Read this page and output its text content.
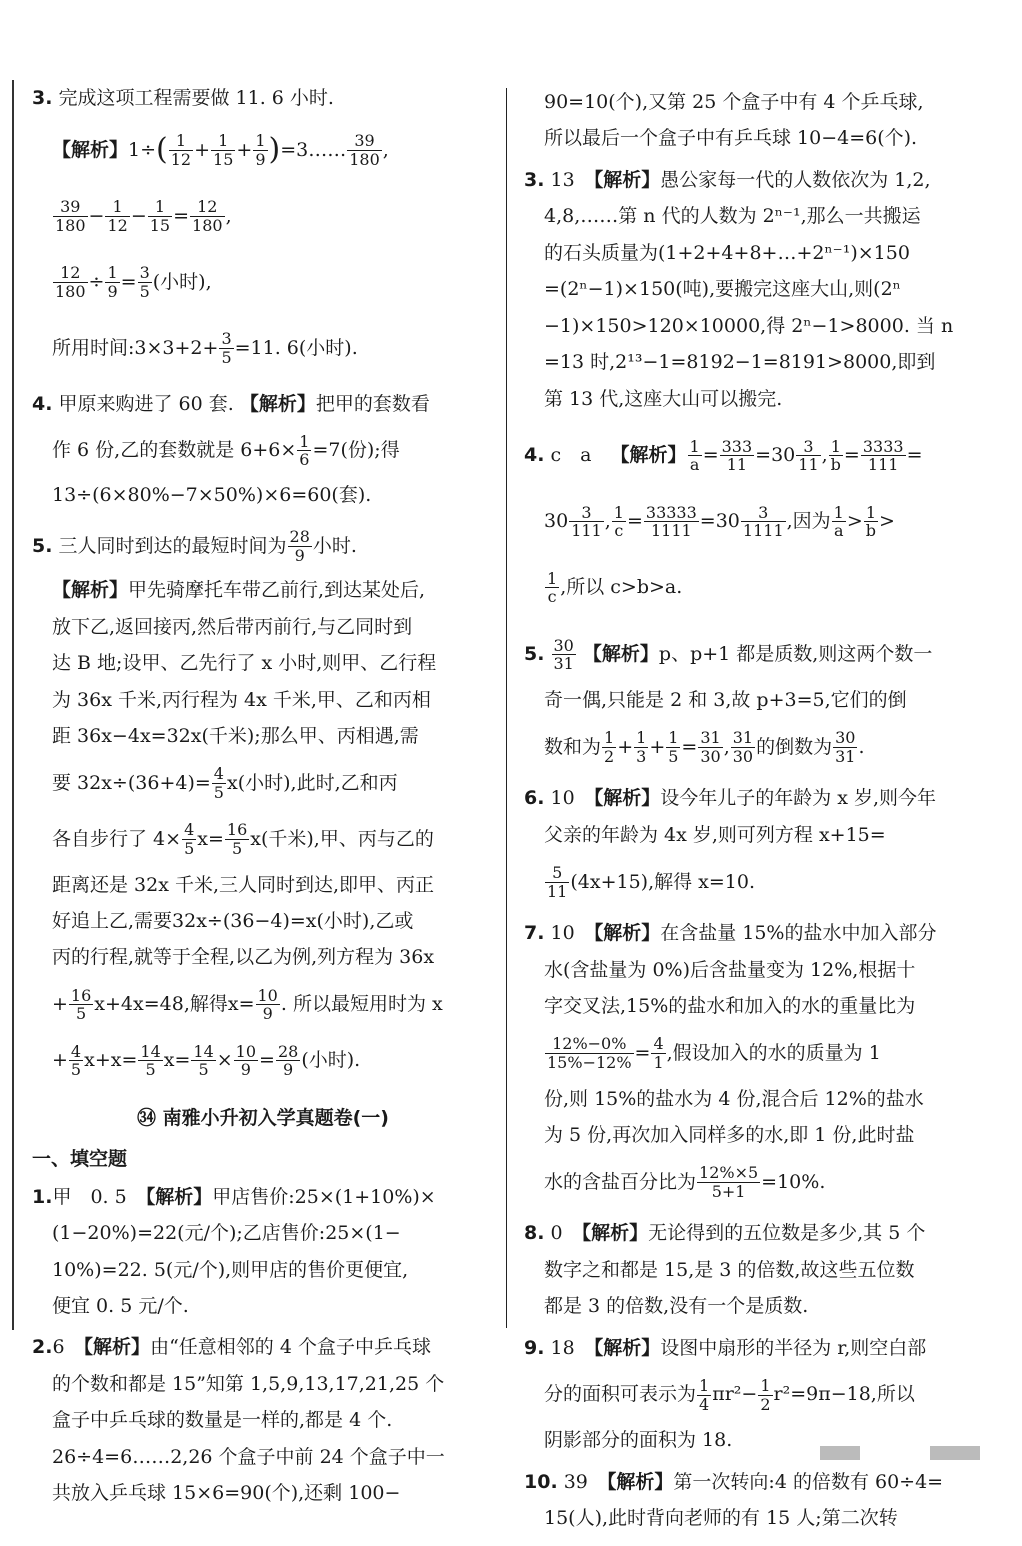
3. 完成这项工程需要做 11. 6 小时.
【解析】 1÷ ( $\frac{1}{12} + \frac{1}{15} + \frac{1}{9}$ ) =3…… $\frac{39}{180}$ ,
$\frac{39}{180} - \frac{1}{12} - \frac{1}{15} = \frac{12}{180}$ ,
$\frac{12}{180} \div \frac{1}{9} = \frac{3}{5}$ (小时),
所用时间:3×3+2+ $\frac{3}{5} =11$. 6(小时).
4. 甲原来购进了 60 套. 【解析】把甲的套数看
作 6 份,乙的套数就是 $6+6\times \frac{1}{6} =7$(份);得
13÷(6×80%−7×50%)×6=60(套).
5.
三人同时到达的最短时间为 $\frac{28}{9}$ 小时.
【解析】甲先骑摩托车带乙前行,到达某处后,
放下乙,返回接丙,然后带丙前行,与乙同时到
达 B 地;设甲、乙先行了 x 小时,则甲、乙行程
为 36x 千米,丙行程为 4x 千米,甲、乙和丙相
距 36x−4x=32x(千米);那么甲、丙相遇,需
要 $32x\div(36+4)= \frac{4}{5} x$(小时),此时,乙和丙
各自步行了 $4\times \frac{4}{5} x= \frac{16}{5} x$(千米),甲、丙与乙的
距离还是 32x 千米,三人同时到达,即甲、丙正
好追上乙,需要32x÷(36−4)=x(小时),乙或
丙的行程,就等于全程,以乙为例,列方程为 36x
+ $\frac{16}{5} x+4x=48$,解得$x= \frac{10}{9}$ . 所以最短用时为 x
+ $\frac{4}{5} x+x= \frac{14}{5} x= \frac{14}{5} \times \frac{10}{9} = \frac{28}{9}$ (小时).
㉞ 南雅小升初入学真题卷(一)
一、填空题
1.甲　0. 5　【解析】甲店售价:25×(1+10%)×
(1−20%)=22(元/个);乙店售价:25×(1−
10%)=22. 5(元/个),则甲店的售价更便宜,
便宜 0. 5 元/个.
2.6　【解析】由“任意相邻的 4 个盒子中乒乓球
的个数和都是 15”知第 1,5,9,13,17,21,25 个
盒子中乒乓球的数量是一样的,都是 4 个.
26÷4=6……2,26 个盒子中前 24 个盒子中一
共放入乒乓球 15×6=90(个),还剩 100−
90=10(个),又第 25 个盒子中有 4 个乒乓球,
所以最后一个盒子中有乒乓球 10−4=6(个).
3. 13　【解析】愚公家每一代的人数依次为 1,2,
4,8,……第 n 代的人数为 2ⁿ⁻¹,那么一共搬运
的石头质量为(1+2+4+8+…+2ⁿ⁻¹)×150
=(2ⁿ−1)×150(吨),要搬完这座大山,则(2ⁿ
−1)×150>120×10000,得 2ⁿ−1>8000. 当 n
=13 时,2¹³−1=8192−1=8191>8000,即到
第 13 代,这座大山可以搬完.
4.
c　a　 【解析】 $\frac{1}{a} = \frac{333}{11} =30 \frac{3}{11}$ , $\frac{1}{b} = \frac{3333}{111}$ =
$30 \frac{3}{111}$ , $\frac{1}{c} = \frac{33333}{1111} =30 \frac{3}{1111}$ ,因为 $\frac{1}{a} > \frac{1}{b}$ >
$\frac{1}{c}$ ,所以 c>b>a.
5.
$\frac{30}{31}$
【解析】 p、p+1 都是质数,则这两个数一
奇一偶,只能是 2 和 3,故 p+3=5,它们的倒
数和为 $\frac{1}{2} + \frac{1}{3} + \frac{1}{5} = \frac{31}{30}$ , $\frac{31}{30}$ 的倒数为 $\frac{30}{31}$ .
6. 10　【解析】设今年儿子的年龄为 x 岁,则今年
父亲的年龄为 4x 岁,则可列方程 x+15=
$\frac{5}{11} (4x+15)$,解得 x=10.
7. 10　【解析】在含盐量 15%的盐水中加入部分
水(含盐量为 0%)后含盐量变为 12%,根据十
字交叉法,15%的盐水和加入的水的重量比为
$\frac{12\%-0\%}{15\%-12\%} = \frac{4}{1}$ ,假设加入的水的质量为 1
份,则 15%的盐水为 4 份,混合后 12%的盐水
为 5 份,再次加入同样多的水,即 1 份,此时盐
水的含盐百分比为 $\frac{12\%\times 5}{5+1} =10\%$.
8. 0　【解析】无论得到的五位数是多少,其 5 个
数字之和都是 15,是 3 的倍数,故这些五位数
都是 3 的倍数,没有一个是质数.
9. 18　【解析】设图中扇形的半径为 r,则空白部
分的面积可表示为 $\frac{1}{4} \pi r^2- \frac{1}{2} r^2=9\pi-18$,所以
阴影部分的面积为 18.
10. 39　【解析】第一次转向:4 的倍数有 60÷4=
15(人),此时背向老师的有 15 人;第二次转
